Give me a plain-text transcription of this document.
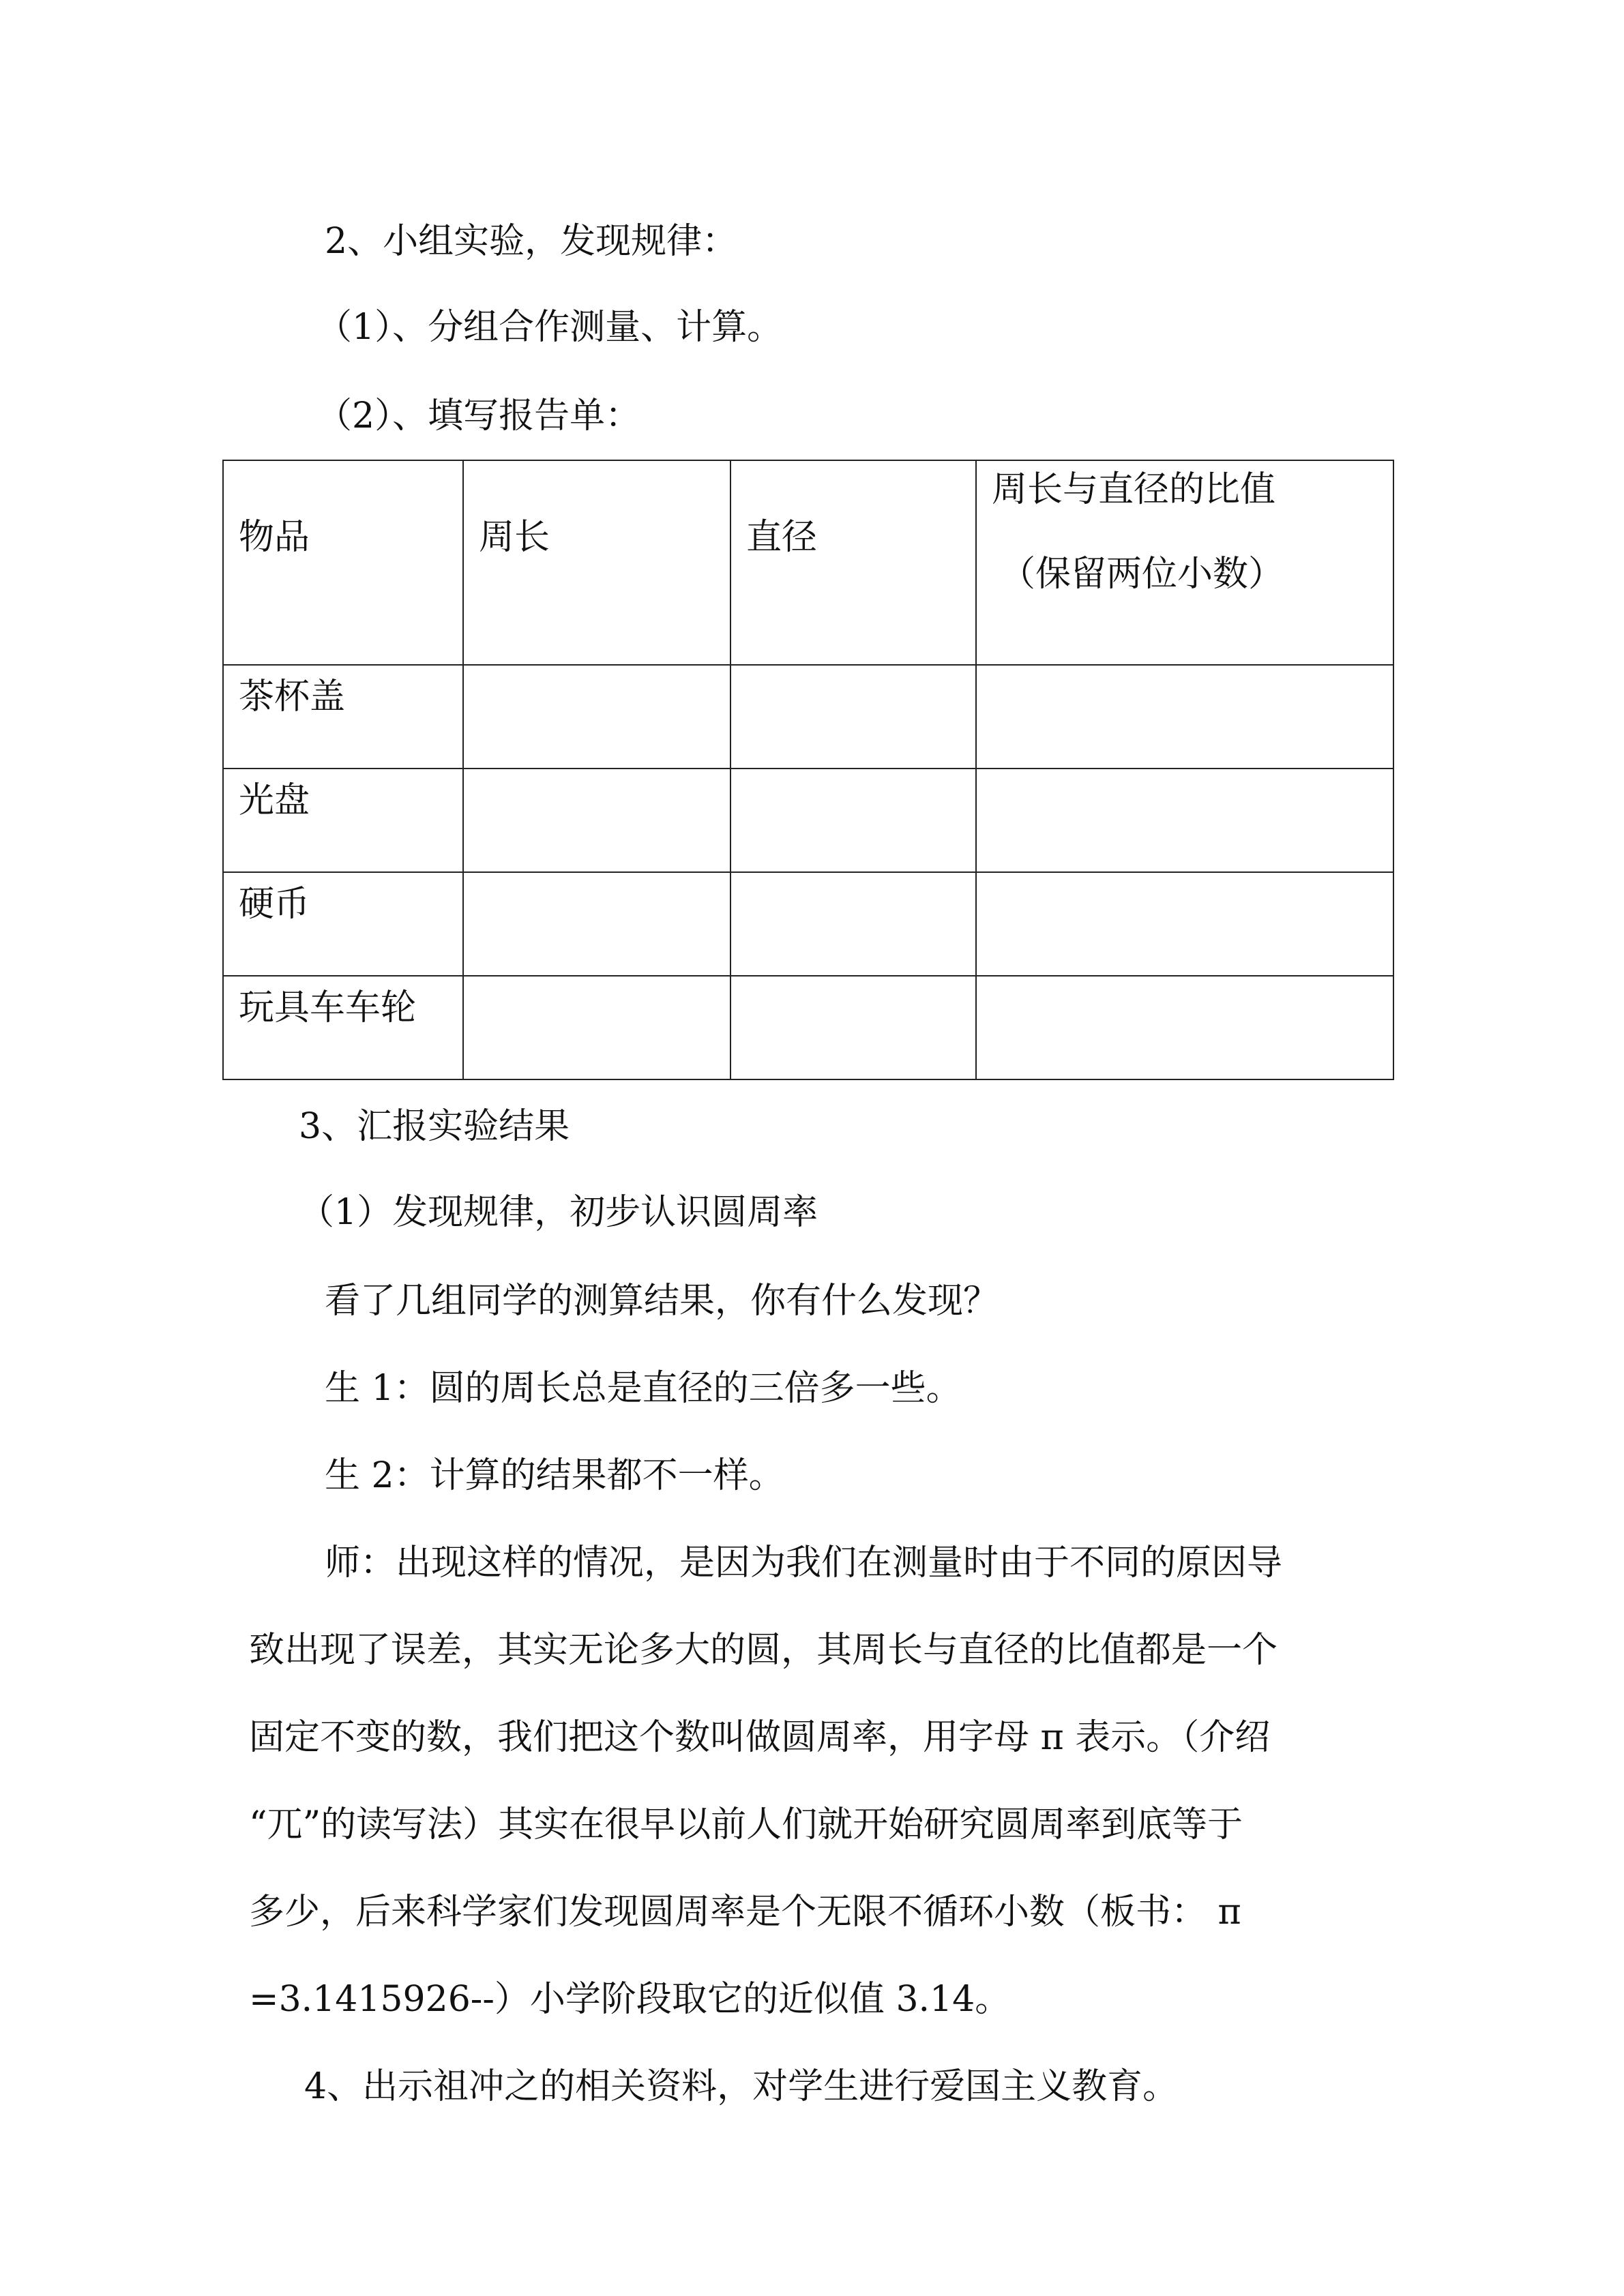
2、小组实验，发现规律：

（1）、分组合作测量、计算。

（2）、填写报告单：

物品	周长	直径	周长与直径的比值
（保留两位小数）

茶杯盖			

光盘			

硬币			

玩具车车轮			

3、汇报实验结果

（1）发现规律，初步认识圆周率

看了几组同学的测算结果，你有什么发现？

生 1：圆的周长总是直径的三倍多一些。

生 2：计算的结果都不一样。

师：出现这样的情况，是因为我们在测量时由于不同的原因导
致出现了误差，其实无论多大的圆，其周长与直径的比值都是一个
固定不变的数，我们把这个数叫做圆周率，用字母 π 表示。（介绍
“兀”的读写法）其实在很早以前人们就开始研究圆周率到底等于
多少，后来科学家们发现圆周率是个无限不循环小数（板书： π
=3.1415926--）小学阶段取它的近似值 3.14。

4、出示祖冲之的相关资料，对学生进行爱国主义教育。
